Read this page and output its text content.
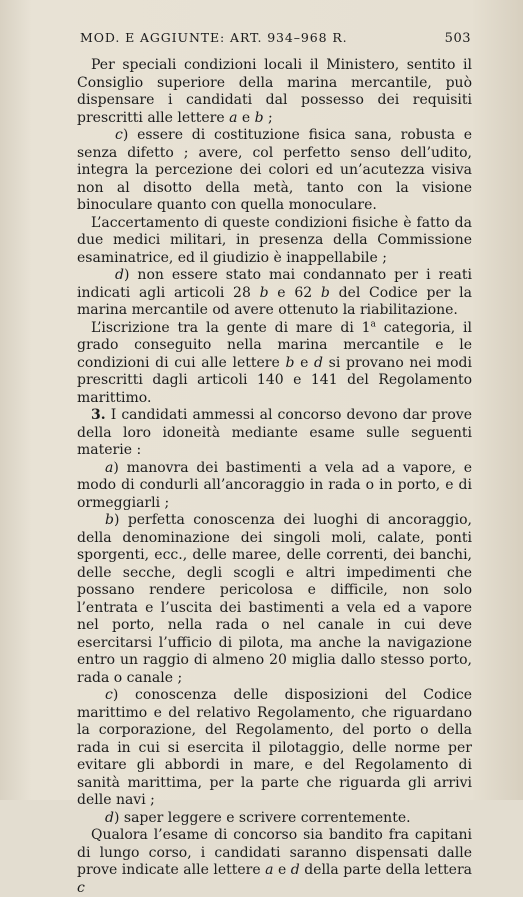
MOD. E AGGIUNTE: ART. 934–968 R.	503

Per speciali condizioni locali il Ministero, sentito il Consiglio superiore della marina mercantile, può dispensare i candidati dal possesso dei requisiti prescritti alle lettere a e b ;

c) essere di costituzione fisica sana, robusta e senza difetto ; avere, col perfetto senso dell’udito, integra la percezione dei colori ed un’acutezza visiva non al disotto della metà, tanto con la visione binoculare quanto con quella monoculare.

L’accertamento di queste condizioni fisiche è fatto da due medici militari, in presenza della Commissione esaminatrice, ed il giudizio è inappellabile ;

d) non essere stato mai condannato per i reati indicati agli articoli 28 b e 62 b del Codice per la marina mercantile od avere ottenuto la riabilitazione.

L’iscrizione tra la gente di mare di 1$^a$ categoria, il grado conseguito nella marina mercantile e le condizioni di cui alle lettere b e d si provano nei modi prescritti dagli articoli 140 e 141 del Regolamento marittimo.

3. I candidati ammessi al concorso devono dar prove della loro idoneità mediante esame sulle seguenti materie :

a) manovra dei bastimenti a vela ad a vapore, e modo di condurli all’ancoraggio in rada o in porto, e di ormeggiarli ;

b) perfetta conoscenza dei luoghi di ancoraggio, della denominazione dei singoli moli, calate, ponti sporgenti, ecc., delle maree, delle correnti, dei banchi, delle secche, degli scogli e altri impedimenti che possano rendere pericolosa e difficile, non solo l’entrata e l’uscita dei bastimenti a vela ed a vapore nel porto, nella rada o nel canale in cui deve esercitarsi l’ufficio di pilota, ma anche la navigazione entro un raggio di almeno 20 miglia dallo stesso porto, rada o canale ;

c) conoscenza delle disposizioni del Codice marittimo e del relativo Regolamento, che riguardano la corporazione, del Regolamento, del porto o della rada in cui si esercita il pilotaggio, delle norme per evitare gli abbordi in mare, e del Regolamento di sanità marittima, per la parte che riguarda gli arrivi delle navi ;

d) saper leggere e scrivere correntemente.

Qualora l’esame di concorso sia bandito fra capitani di lungo corso, i candidati saranno dispensati dalle prove indicate alle lettere a e d della parte della lettera c
